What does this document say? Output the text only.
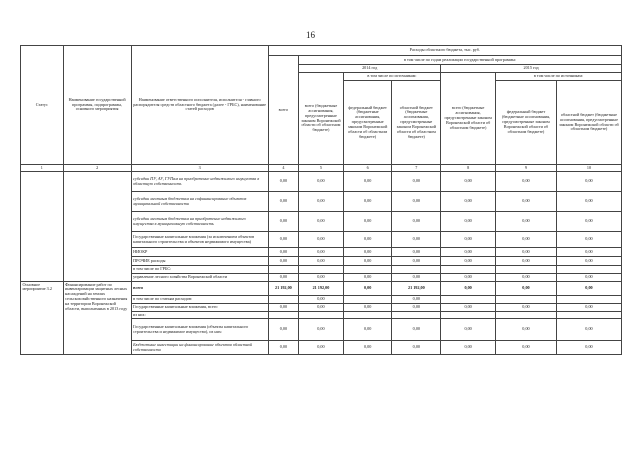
16
Статус	Наименование государственной программы, подпрограммы, основного мероприятия	Наименование ответственного исполнителя, исполнителя - главного распорядителя средств областного бюджета (далее - ГРБС), наименование статей расходов	Расходы областного бюджета, тыс. руб.						
			всего	в том числе по годам реализации государственной программы:					
				2014 год			2015 год		
				всего (бюджетные ассигнования, предусмотренные законом Воронежской области об областном бюджете)	в том числе по источникам:		всего (бюджетные ассигнования, предусмотренные законом Воронежской области об областном бюджете)	в том числе по источникам:	
					федеральный бюджет (бюджетные ассигнования, предусмотренные законом Воронежской области об областном бюджете)	областной бюджет (бюджетные ассигнования, предусмотренные законом Воронежской области об областном бюджете)		федеральный бюджет (бюджетные ассигнования, предусмотренные законом Воронежской области об областном бюджете)	областной бюджет (бюджетные ассигнования, предусмотренные законом Воронежской области об областном бюджете)
1	2	3	4	5	6	7	8	9	10
		субсидии ПУ, АУ, ГУПам на приобретение недвижимого имущества в областную собственность	0,00	0,00	0,00	0,00	0,00	0,00	0,00
		субсидии местным бюджетам на софинансирование объектов муниципальной собственности	0,00	0,00	0,00	0,00	0,00	0,00	0,00
		субсидии местным бюджетам на приобретение недвижимого имущества в муниципальную собственность	0,00	0,00	0,00	0,00	0,00	0,00	0,00
		Государственные капитальные вложения (за исключением объектов капитального строительства и объектов недвижимого имущества)	0,00	0,00	0,00	0,00	0,00	0,00	0,00
		НИОКР	0,00	0,00	0,00	0,00	0,00	0,00	0,00
		ПРОЧИЕ расходы	0,00	0,00	0,00	0,00	0,00	0,00	0,00
		в том числе по ГРБС:							
		управление лесного хозяйства Воронежской области	0,00	0,00	0,00	0,00	0,00	0,00	0,00
Основное мероприятие 3.2	Финансирование работ по инвентаризации защитных лесных насаждений на землях сельскохозяйственного назначения на территории Воронежской области, выполненных в 2013 году	всего	21 192,00	21 192,00	0,00	21 192,00	0,00	0,00	0,00
		в том числе по статьям расходов:		0,00		0,00			
		Государственные капитальные вложения, всего	0,00	0,00	0,00	0,00	0,00	0,00	0,00
		из них:							
		Государственные капитальные вложения (объекты капитального строительства и недвижимое имущество), из них:	0,00	0,00	0,00	0,00	0,00	0,00	0,00
		Бюджетные инвестиции на финансирование объектов областной собственности	0,00	0,00	0,00	0,00	0,00	0,00	0,00
